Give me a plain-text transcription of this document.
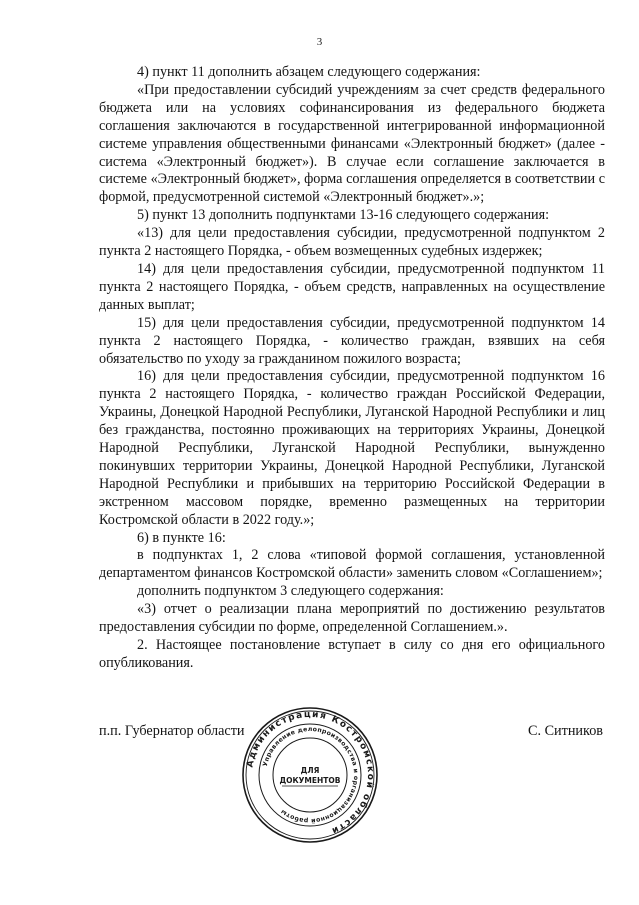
3

4) пункт 11 дополнить абзацем следующего содержания:

«При предоставлении субсидий учреждениям за счет средств федерального бюджета или на условиях софинансирования из федерального бюджета соглашения заключаются в государственной интегрированной информационной системе управления общественными финансами «Электронный бюджет» (далее - система «Электронный бюджет»). В случае если соглашение заключается в системе «Электронный бюджет», форма соглашения определяется в соответствии с формой, предусмотренной системой «Электронный бюджет».»;

5) пункт 13 дополнить подпунктами 13-16 следующего содержания:

«13) для цели предоставления субсидии, предусмотренной подпунктом 2 пункта 2 настоящего Порядка, - объем возмещенных судебных издержек;

14) для цели предоставления субсидии, предусмотренной подпунктом 11 пункта 2 настоящего Порядка, - объем средств, направленных на осуществление данных выплат;

15) для цели предоставления субсидии, предусмотренной подпунктом 14 пункта 2 настоящего Порядка, - количество граждан, взявших на себя обязательство по уходу за гражданином пожилого возраста;

16) для цели предоставления субсидии, предусмотренной подпунктом 16 пункта 2 настоящего Порядка, - количество граждан Российской Федерации, Украины, Донецкой Народной Республики, Луганской Народной Республики и лиц без гражданства, постоянно проживающих на территориях Украины, Донецкой Народной Республики, Луганской Народной Республики, вынужденно покинувших территории Украины, Донецкой Народной Республики, Луганской Народной Республики и прибывших на территорию Российской Федерации в экстренном массовом порядке, временно размещенных на территории Костромской области в 2022 году.»;

6) в пункте 16:

в подпунктах 1, 2 слова «типовой формой соглашения, установленной департаментом финансов Костромской области» заменить словом «Соглашением»;

дополнить подпунктом 3 следующего содержания:

«3) отчет о реализации плана мероприятий по достижению результатов предоставления субсидии по форме, определенной Соглашением.».

2. Настоящее постановление вступает в силу со дня его официального опубликования.

п.п. Губернатор области	С. Ситников
Администрация Костромской области
Управление делопроизводства и организационной работы
ДЛЯ
ДОКУМЕНТОВ
